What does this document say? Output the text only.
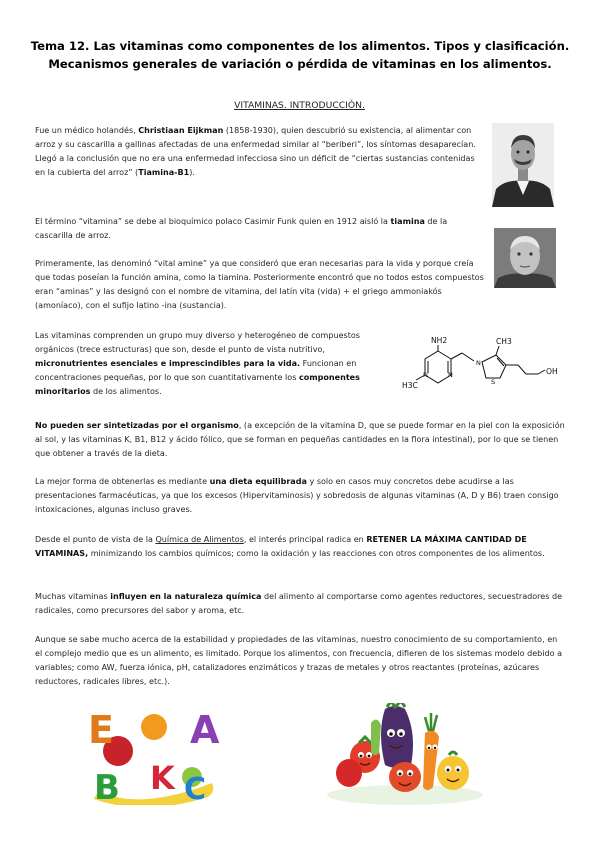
Tema 12. Las vitaminas como componentes de los alimentos. Tipos y clasificación. Mecanismos generales de variación o pérdida de vitaminas en los alimentos.
VITAMINAS. INTRODUCCIÓN.
Fue un médico holandés, Christiaan Eijkman (1858-1930), quien descubrió su existencia, al alimentar con arroz y su cascarilla a gallinas afectadas de una enfermedad similar al “beriberi”, los síntomas desaparecían. Llegó a la conclusión que no era una enfermedad infecciosa sino un déficit de “ciertas sustancias contenidas en la cubierta del arroz” (Tiamina-B1).
El término “vitamina” se debe al bioquímico polaco Casimir Funk quien en 1912 aisló la tiamina de la cascarilla de arroz.
Primeramente, las denominó “vital amine” ya que consideró que eran necesarias para la vida y porque creía que todas poseían la función amina, como la tiamina. Posteriormente encontró que no todos estos compuestos eran “aminas” y las designó con el nombre de vitamina, del latín vita (vida) + el griego ammoniakós (amoníaco), con el sufijo latino -ina (sustancia).
Las vitaminas comprenden un grupo muy diverso y heterogéneo de compuestos orgánicos (trece estructuras) que son, desde el punto de vista nutritivo, micronutrientes esenciales e imprescindibles para la vida. Funcionan en concentraciones pequeñas, por lo que son cuantitativamente los componentes minoritarios de los alimentos.
NH2	CH3
H3C
OH
N	N
N
S
No pueden ser sintetizadas por el organismo, (a excepción de la vitamina D, que se puede formar en la piel con la exposición al sol, y las vitaminas K, B1, B12 y ácido fólico, que se forman en pequeñas cantidades en la flora intestinal), por lo que se tienen que obtener a través de la dieta.
La mejor forma de obtenerlas es mediante una dieta equilibrada y solo en casos muy concretos debe acudirse a las presentaciones farmacéuticas, ya que los excesos (Hipervitaminosis) y sobredosis de algunas vitaminas (A, D y B6) traen consigo intoxicaciones, algunas incluso graves.
Desde el punto de vista de la Química de Alimentos, el interés principal radica en RETENER LA MÁXIMA CANTIDAD DE VITAMINAS, minimizando los cambios químicos; como la oxidación y las reacciones con otros componentes de los alimentos.
Muchas vitaminas influyen en la naturaleza química del alimento al comportarse como agentes reductores, secuestradores de radicales, como precursores del sabor y aroma, etc.
Aunque se sabe mucho acerca de la estabilidad y propiedades de las vitaminas, nuestro conocimiento de su comportamiento, en el complejo medio que es un alimento, es limitado. Porque los alimentos, con frecuencia, difieren de los sistemas modelo debido a variables; como AW, fuerza iónica, pH, catalizadores enzimáticos y trazas de metales y otros reactantes (proteínas, azúcares reductores, radicales libres, etc.).
E A
B K C
